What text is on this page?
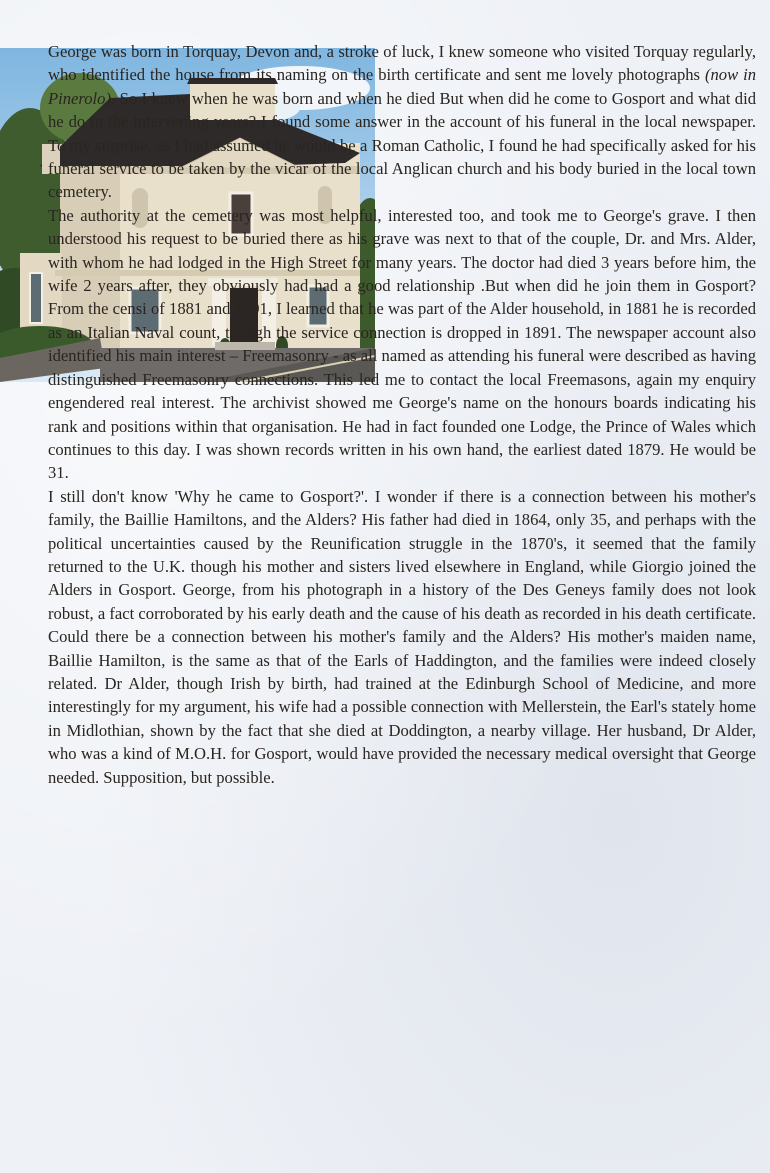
George was born in Torquay, Devon and, a stroke of luck, I knew someone who visited Torquay regularly, who identified the house from its naming on the birth certificate and sent me lovely photographs (now in Pinerolo). So I knew when he was born and when he died But when did he come to Gosport and what did he do in the intervening years? I found some answer in the account of his funeral in the local newspaper. To my surprise, as I had assumed he would be a Roman Catholic, I found he had specifically asked for his funeral service to be taken by the vicar of the local Anglican church and his body buried in the local town cemetery.

The authority at the cemetery was most helpful, interested too, and took me to George's grave. I then understood his request to be buried there as his grave was next to that of the couple, Dr. and Mrs. Alder, with whom he had lodged in the High Street for many years. The doctor had died 3 years before him, the wife 2 years after, they obviously had had a good relationship .But when did he join them in Gosport? From the censi of 1881 and 1891, I learned that he was part of the Alder household, in 1881 he is recorded as an Italian Naval count, though the service connection is dropped in 1891. The newspaper account also identified his main interest – Freemasonry - as all named as attending his funeral were described as having distinguished Freemasonry connections. This led me to contact the local Freemasons, again my enquiry engendered real interest. The archivist showed me George's name on the honours boards indicating his rank and positions within that organisation. He had in fact founded one Lodge, the Prince of Wales which continues to this day. I was shown records written in his own hand, the earliest dated 1879. He would be 31.

I still don't know 'Why he came to Gosport?'. I wonder if there is a connection between his mother's family, the Baillie Hamiltons, and the Alders? His father had died in 1864, only 35, and perhaps with the political uncertainties caused by the Reunification struggle in the 1870's, it seemed that the family returned to the U.K. though his mother and sisters lived elsewhere in England, while Giorgio joined the Alders in Gosport. George, from his photograph in a history of the Des Geneys family does not look robust, a fact corroborated by his early death and the cause of his death as recorded in his death certificate. Could there be a connection between his mother's family and the Alders? His mother's maiden name, Baillie Hamilton, is the same as that of the Earls of Haddington, and the families were indeed closely related. Dr Alder, though Irish by birth, had trained at the Edinburgh School of Medicine, and more interestingly for my argument, his wife had a possible connection with Mellerstein, the Earl's stately home in Midlothian, shown by the fact that she died at Doddington, a nearby village. Her husband, Dr Alder, who was a kind of M.O.H. for Gosport, would have provided the necessary medical oversight that George needed. Supposition, but possible.
